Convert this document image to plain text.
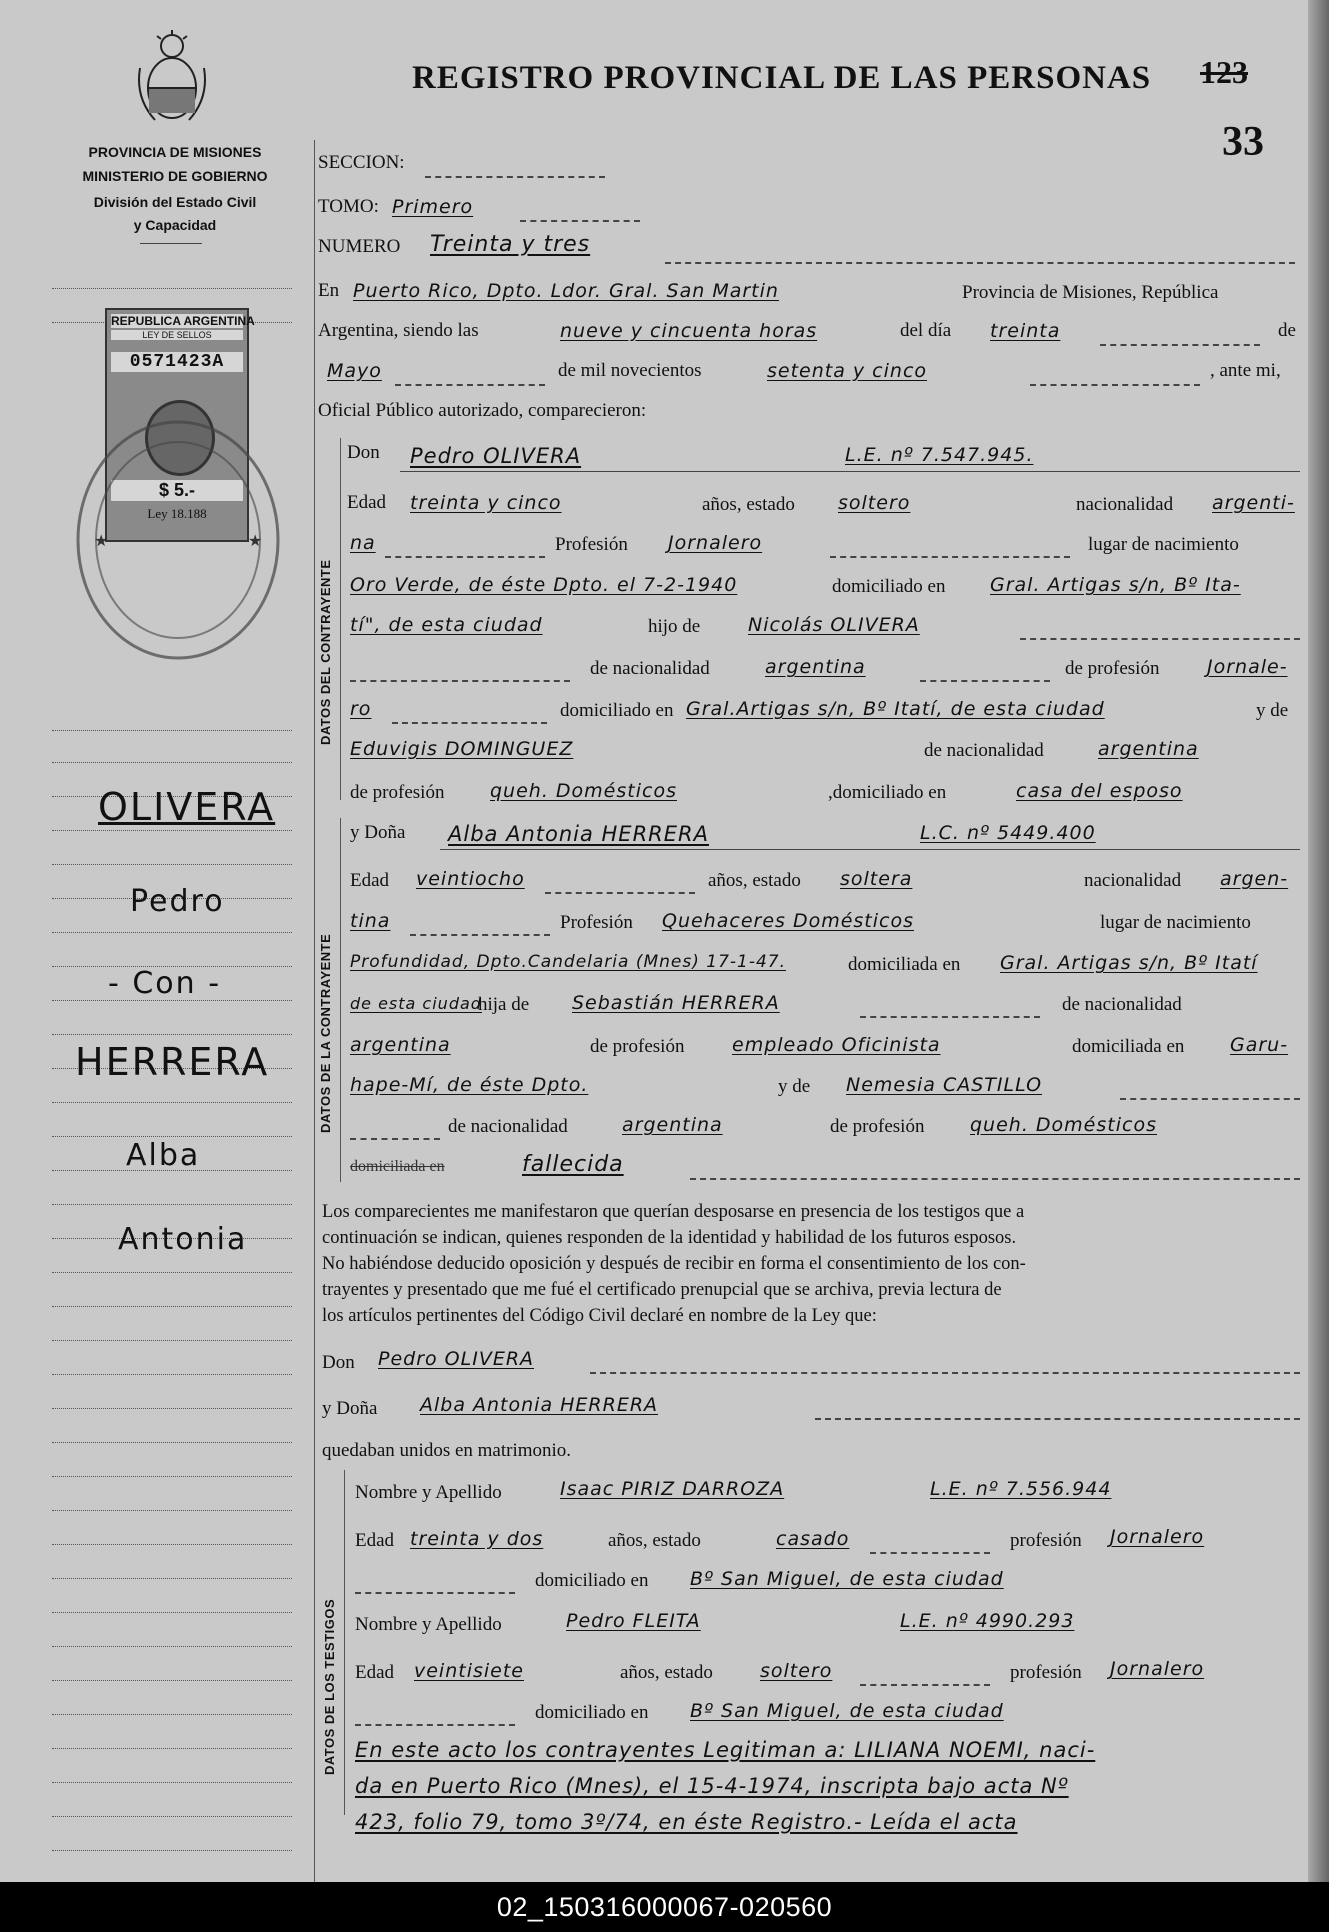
PROVINCIA DE MISIONES
MINISTERIO DE GOBIERNO
División del Estado Civil
y Capacidad
REGISTRO PROVINCIAL DE LAS PERSONAS 123
33
REPUBLICA ARGENTINA
LEY DE SELLOS
0571423A
$ 5.-
Ley 18.188
★	★
OLIVERA
Pedro
- Con -
HERRERA
Alba
Antonia
SECCION:
TOMO: Primero
NUMERO Treinta y tres
En Puerto Rico, Dpto. Ldor. Gral. San Martin	Provincia de Misiones, República
Argentina, siendo las	nueve y cincuenta horas	del día treinta	de
Mayo	de mil novecientos	setenta y cinco	, ante mi,
Oficial Público autorizado, comparecieron:
DATOS DEL CONTRAYENTE
Don Pedro OLIVERA	L.E. nº 7.547.945.
Edad treinta y cinco	años, estado soltero	nacionalidad argenti-
na	Profesión Jornalero	lugar de nacimiento
Oro Verde, de éste Dpto. el 7-2-1940	domiciliado en Gral. Artigas s/n, Bº Ita-
tí", de esta ciudad	hijo de	Nicolás OLIVERA
de nacionalidad	argentina	de profesión	Jornale-
ro	domiciliado en Gral.Artigas s/n, Bº Itatí, de esta ciudad	y de
Eduvigis DOMINGUEZ	de nacionalidad	argentina
de profesión queh. Domésticos	,domiciliado en	casa del esposo
DATOS DE LA CONTRAYENTE
y Doña Alba Antonia HERRERA	L.C. nº 5449.400
Edad veintiocho	años, estado soltera	nacionalidad argen-
tina	Profesión Quehaceres Domésticos	lugar de nacimiento
Profundidad, Dpto.Candelaria (Mnes) 17-1-47.	domiciliada en Gral. Artigas s/n, Bº Itatí
de esta ciudad
hija de Sebastián HERRERA	de nacionalidad
argentina	de profesión	empleado Oficinista	domiciliada en Garu-
hape-Mí, de éste Dpto.	y de Nemesia CASTILLO
de nacionalidad	argentina	de profesión queh. Domésticos
domiciliada en	fallecida
Los comparecientes me manifestaron que querían desposarse en presencia de los testigos que a
continuación se indican, quienes responden de la identidad y habilidad de los futuros esposos.
No habiéndose deducido oposición y después de recibir en forma el consentimiento de los con-
trayentes y presentado que me fué el certificado prenupcial que se archiva, previa lectura de
los artículos pertinentes del Código Civil declaré en nombre de la Ley que:
Don Pedro OLIVERA
y Doña Alba Antonia HERRERA
quedaban unidos en matrimonio.
DATOS DE LOS TESTIGOS
Nombre y Apellido	Isaac PIRIZ DARROZA	L.E. nº 7.556.944
Edad treinta y dos	años, estado	casado	profesión Jornalero
domiciliado en Bº San Miguel, de esta ciudad
Nombre y Apellido	Pedro FLEITA	L.E. nº 4990.293
Edad veintisiete	años, estado soltero	profesión Jornalero
domiciliado en Bº San Miguel, de esta ciudad
En este acto los contrayentes Legitiman a: LILIANA NOEMI, naci-
da en Puerto Rico (Mnes), el 15-4-1974, inscripta bajo acta Nº
423, folio 79, tomo 3º/74, en éste Registro.- Leída el acta
02_150316000067-020560
